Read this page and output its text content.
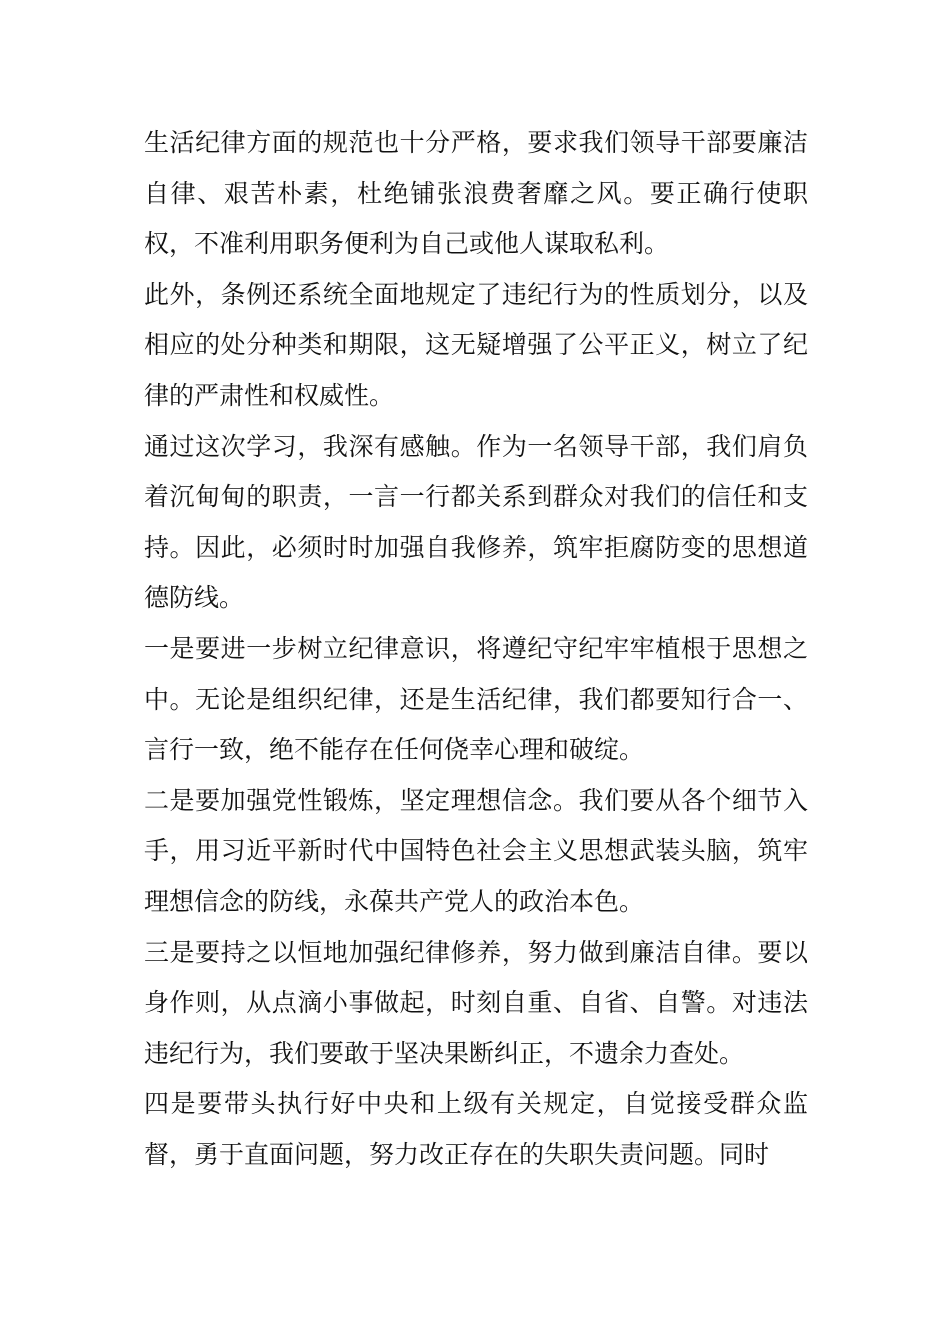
生活纪律方面的规范也十分严格，要求我们领导干部要廉洁自律、艰苦朴素，杜绝铺张浪费奢靡之风。要正确行使职权，不准利用职务便利为自己或他人谋取私利。

此外，条例还系统全面地规定了违纪行为的性质划分，以及相应的处分种类和期限，这无疑增强了公平正义，树立了纪律的严肃性和权威性。

通过这次学习，我深有感触。作为一名领导干部，我们肩负着沉甸甸的职责，一言一行都关系到群众对我们的信任和支持。因此，必须时时加强自我修养，筑牢拒腐防变的思想道德防线。

一是要进一步树立纪律意识，将遵纪守纪牢牢植根于思想之中。无论是组织纪律，还是生活纪律，我们都要知行合一、言行一致，绝不能存在任何侥幸心理和破绽。

二是要加强党性锻炼，坚定理想信念。我们要从各个细节入手，用习近平新时代中国特色社会主义思想武装头脑，筑牢理想信念的防线，永葆共产党人的政治本色。

三是要持之以恒地加强纪律修养，努力做到廉洁自律。要以身作则，从点滴小事做起，时刻自重、自省、自警。对违法违纪行为，我们要敢于坚决果断纠正，不遗余力查处。

四是要带头执行好中央和上级有关规定，自觉接受群众监督，勇于直面问题，努力改正存在的失职失责问题。同时
